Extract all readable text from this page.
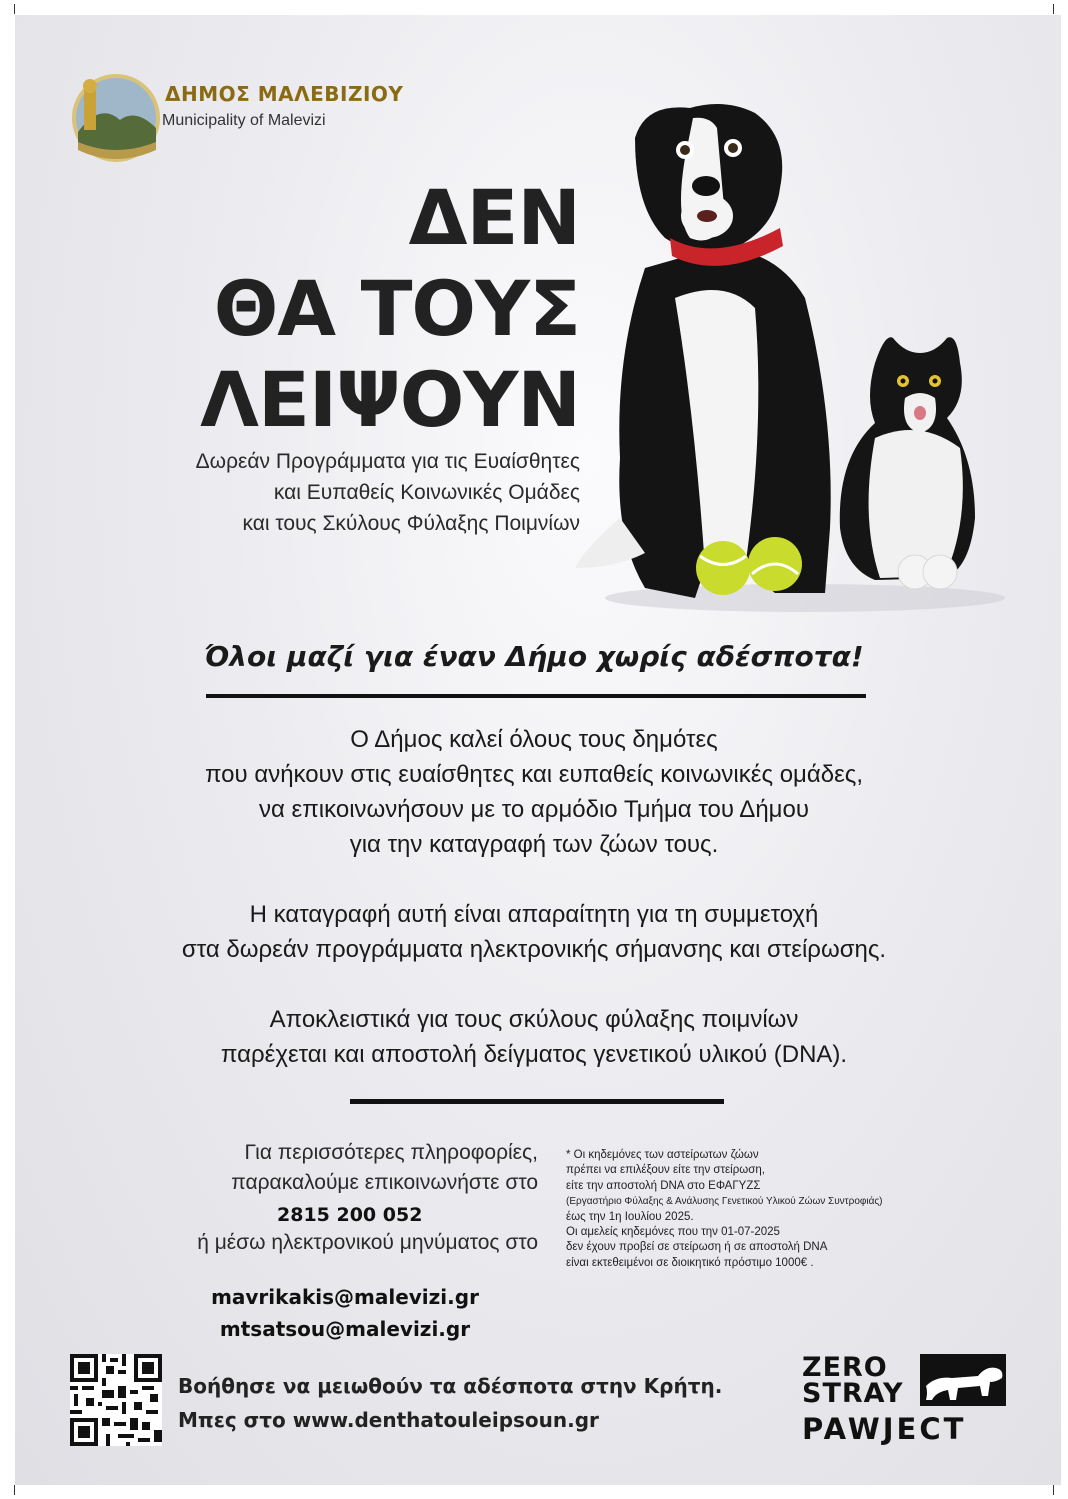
ΔΗΜΟΣ ΜΑΛΕΒΙΖΙΟΥ
Municipality of Malevizi
ΔΕΝ
ΘΑ ΤΟΥΣ
ΛΕΙΨΟΥΝ
Δωρεάν Προγράμματα για τις Ευαίσθητες
και Ευπαθείς Κοινωνικές Ομάδες
και τους Σκύλους Φύλαξης Ποιμνίων
Όλοι μαζί για έναν Δήμο χωρίς αδέσποτα!

Ο Δήμος καλεί όλους τους δημότες

που ανήκουν στις ευαίσθητες και ευπαθείς κοινωνικές ομάδες,

να επικοινωνήσουν με το αρμόδιο Τμήμα του Δήμου

για την καταγραφή των ζώων τους.

Η καταγραφή αυτή είναι απαραίτητη για τη συμμετοχή

στα δωρεάν προγράμματα ηλεκτρονικής σήμανσης και στείρωσης.

Αποκλειστικά για τους σκύλους φύλαξης ποιμνίων

παρέχεται και αποστολή δείγματος γενετικού υλικού (DNA).

Για περισσότερες πληροφορίες,
παρακαλούμε επικοινωνήστε στο
ή μέσω ηλεκτρονικού μηνύματος στο
2815 200 052
mavrikakis@malevizi.gr
mtsatsou@malevizi.gr
* Οι κηδεμόνες των αστείρωτων ζώων
πρέπει να επιλέξουν είτε την στείρωση,
είτε την αποστολή DNA στο ΕΦΑΓΥΖΣ
(Εργαστήριο Φύλαξης & Ανάλυσης Γενετικού Υλικού Ζώων Συντροφιάς)
έως την 1η Ιουλίου 2025.
Οι αμελείς κηδεμόνες που την 01-07-2025
δεν έχουν προβεί σε στείρωση ή σε αποστολή DNA
είναι εκτεθειμένοι σε διοικητικό πρόστιμο 1000€ .
Βοήθησε να μειωθούν τα αδέσποτα στην Κρήτη.
Μπες στο www.denthatouleipsoun.gr
ZERO
STRAY
PAWJECT
